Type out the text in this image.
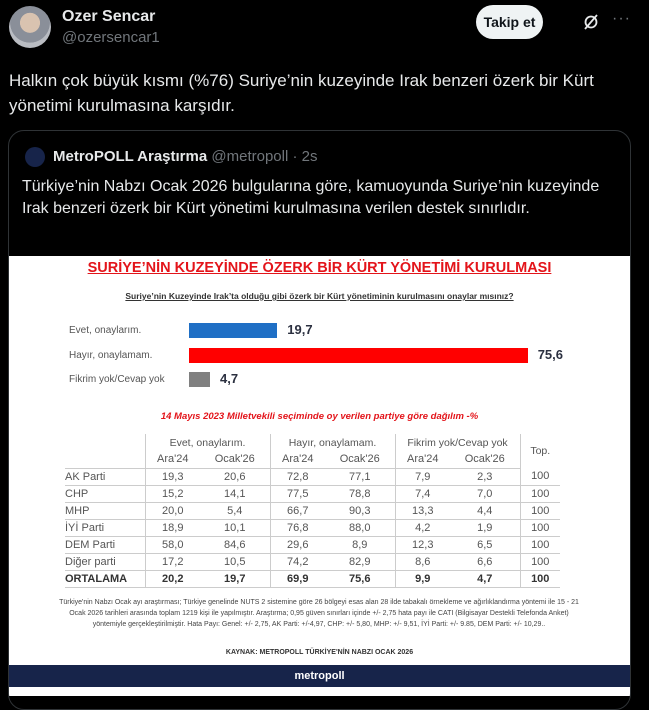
Ozer Sencar
@ozersencar1
Takip et	···
Halkın çok büyük kısmı (%76) Suriye’nin kuzeyinde Irak benzeri özerk bir Kürt yönetimi kurulmasına karşıdır.
MetroPOLL Araştırma @metropoll · 2s
Türkiye’nin Nabzı Ocak 2026 bulgularına göre, kamuoyunda Suriye’nin kuzeyinde Irak benzeri özerk bir Kürt yönetimi kurulmasına verilen destek sınırlıdır.
SURİYE’NİN KUZEYİNDE ÖZERK BİR KÜRT YÖNETİMİ KURULMASI
Suriye’nin Kuzeyinde Irak’ta olduğu gibi özerk bir Kürt yönetiminin kurulmasını onaylar mısınız?
Evet, onaylarım.	19,7
Hayır, onaylamam.	75,6
Fikrim yok/Cevap yok	4,7
14 Mayıs 2023 Milletvekili seçiminde oy verilen partiye göre dağılım -%
	Evet, onaylarım.		Hayır, onaylamam.		Fikrim yok/Cevap yok		Top.
	Ara'24	Ocak'26	Ara'24	Ocak'26	Ara'24	Ocak'26	
AK Parti	19,3	20,6	72,8	77,1	7,9	2,3	100
CHP	15,2	14,1	77,5	78,8	7,4	7,0	100
MHP	20,0	5,4	66,7	90,3	13,3	4,4	100
İYİ Parti	18,9	10,1	76,8	88,0	4,2	1,9	100
DEM Parti	58,0	84,6	29,6	8,9	12,3	6,5	100
Diğer parti	17,2	10,5	74,2	82,9	8,6	6,6	100
ORTALAMA	20,2	19,7	69,9	75,6	9,9	4,7	100
Türkiye'nin Nabzı Ocak ayı araştırması; Türkiye genelinde NUTS 2 sistemine göre 26 bölgeyi esas alan 28 ilde tabakalı örnekleme ve ağırlıklandırma yöntemi ile 15 - 21 Ocak 2026 tarihleri arasında toplam 1219 kişi ile yapılmıştır. Araştırma; 0,95 güven sınırları içinde +/- 2,75 hata payı ile CATI (Bilgisayar Destekli Telefonda Anket) yöntemiyle gerçekleştirilmiştir. Hata Payı: Genel: +/- 2,75, AK Parti: +/-4,97, CHP: +/- 5,80, MHP: +/- 9,51, İYİ Parti: +/- 9.85, DEM Parti: +/- 10,29..
KAYNAK: METROPOLL TÜRKİYE'NİN NABZI OCAK 2026
metropoll
